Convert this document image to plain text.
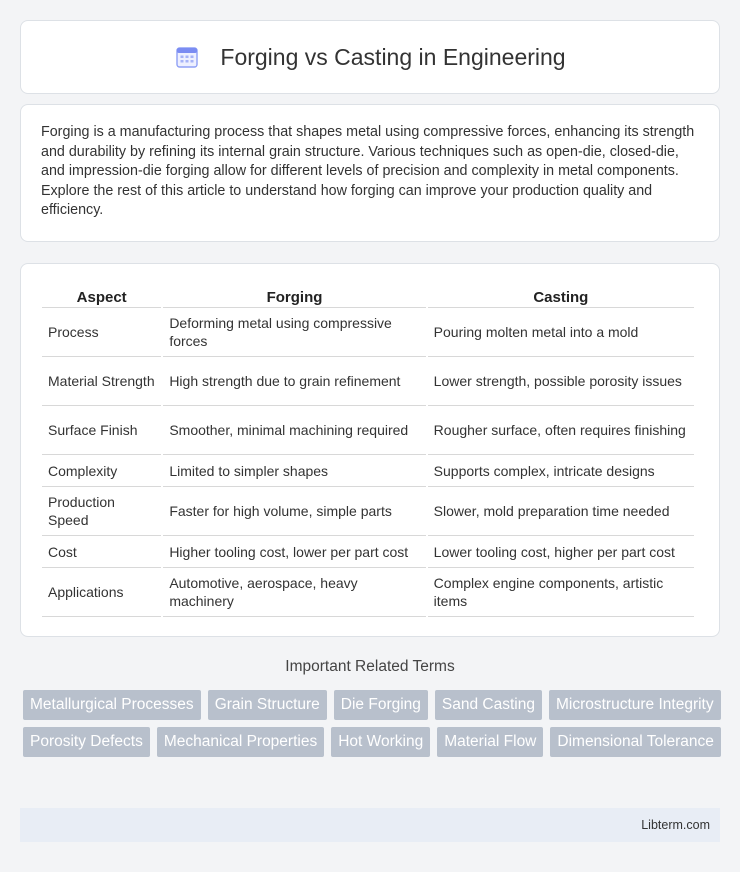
Forging vs Casting in Engineering

Forging is a manufacturing process that shapes metal using compressive forces, enhancing its strength and durability by refining its internal grain structure. Various techniques such as open-die, closed-die, and impression-die forging allow for different levels of precision and complexity in metal components. Explore the rest of this article to understand how forging can improve your production quality and efficiency.

Aspect	Forging	Casting
Process	Deforming metal using compressive forces	Pouring molten metal into a mold
Material Strength	High strength due to grain refinement	Lower strength, possible porosity issues
Surface Finish	Smoother, minimal machining required	Rougher surface, often requires finishing
Complexity	Limited to simpler shapes	Supports complex, intricate designs
Production Speed	Faster for high volume, simple parts	Slower, mold preparation time needed
Cost	Higher tooling cost, lower per part cost	Lower tooling cost, higher per part cost
Applications	Automotive, aerospace, heavy machinery	Complex engine components, artistic items
Important Related Terms
Metallurgical Processes	Grain Structure	Die Forging	Sand Casting	Microstructure Integrity
Porosity Defects	Mechanical Properties	Hot Working	Material Flow	Dimensional Tolerance
Libterm.com
